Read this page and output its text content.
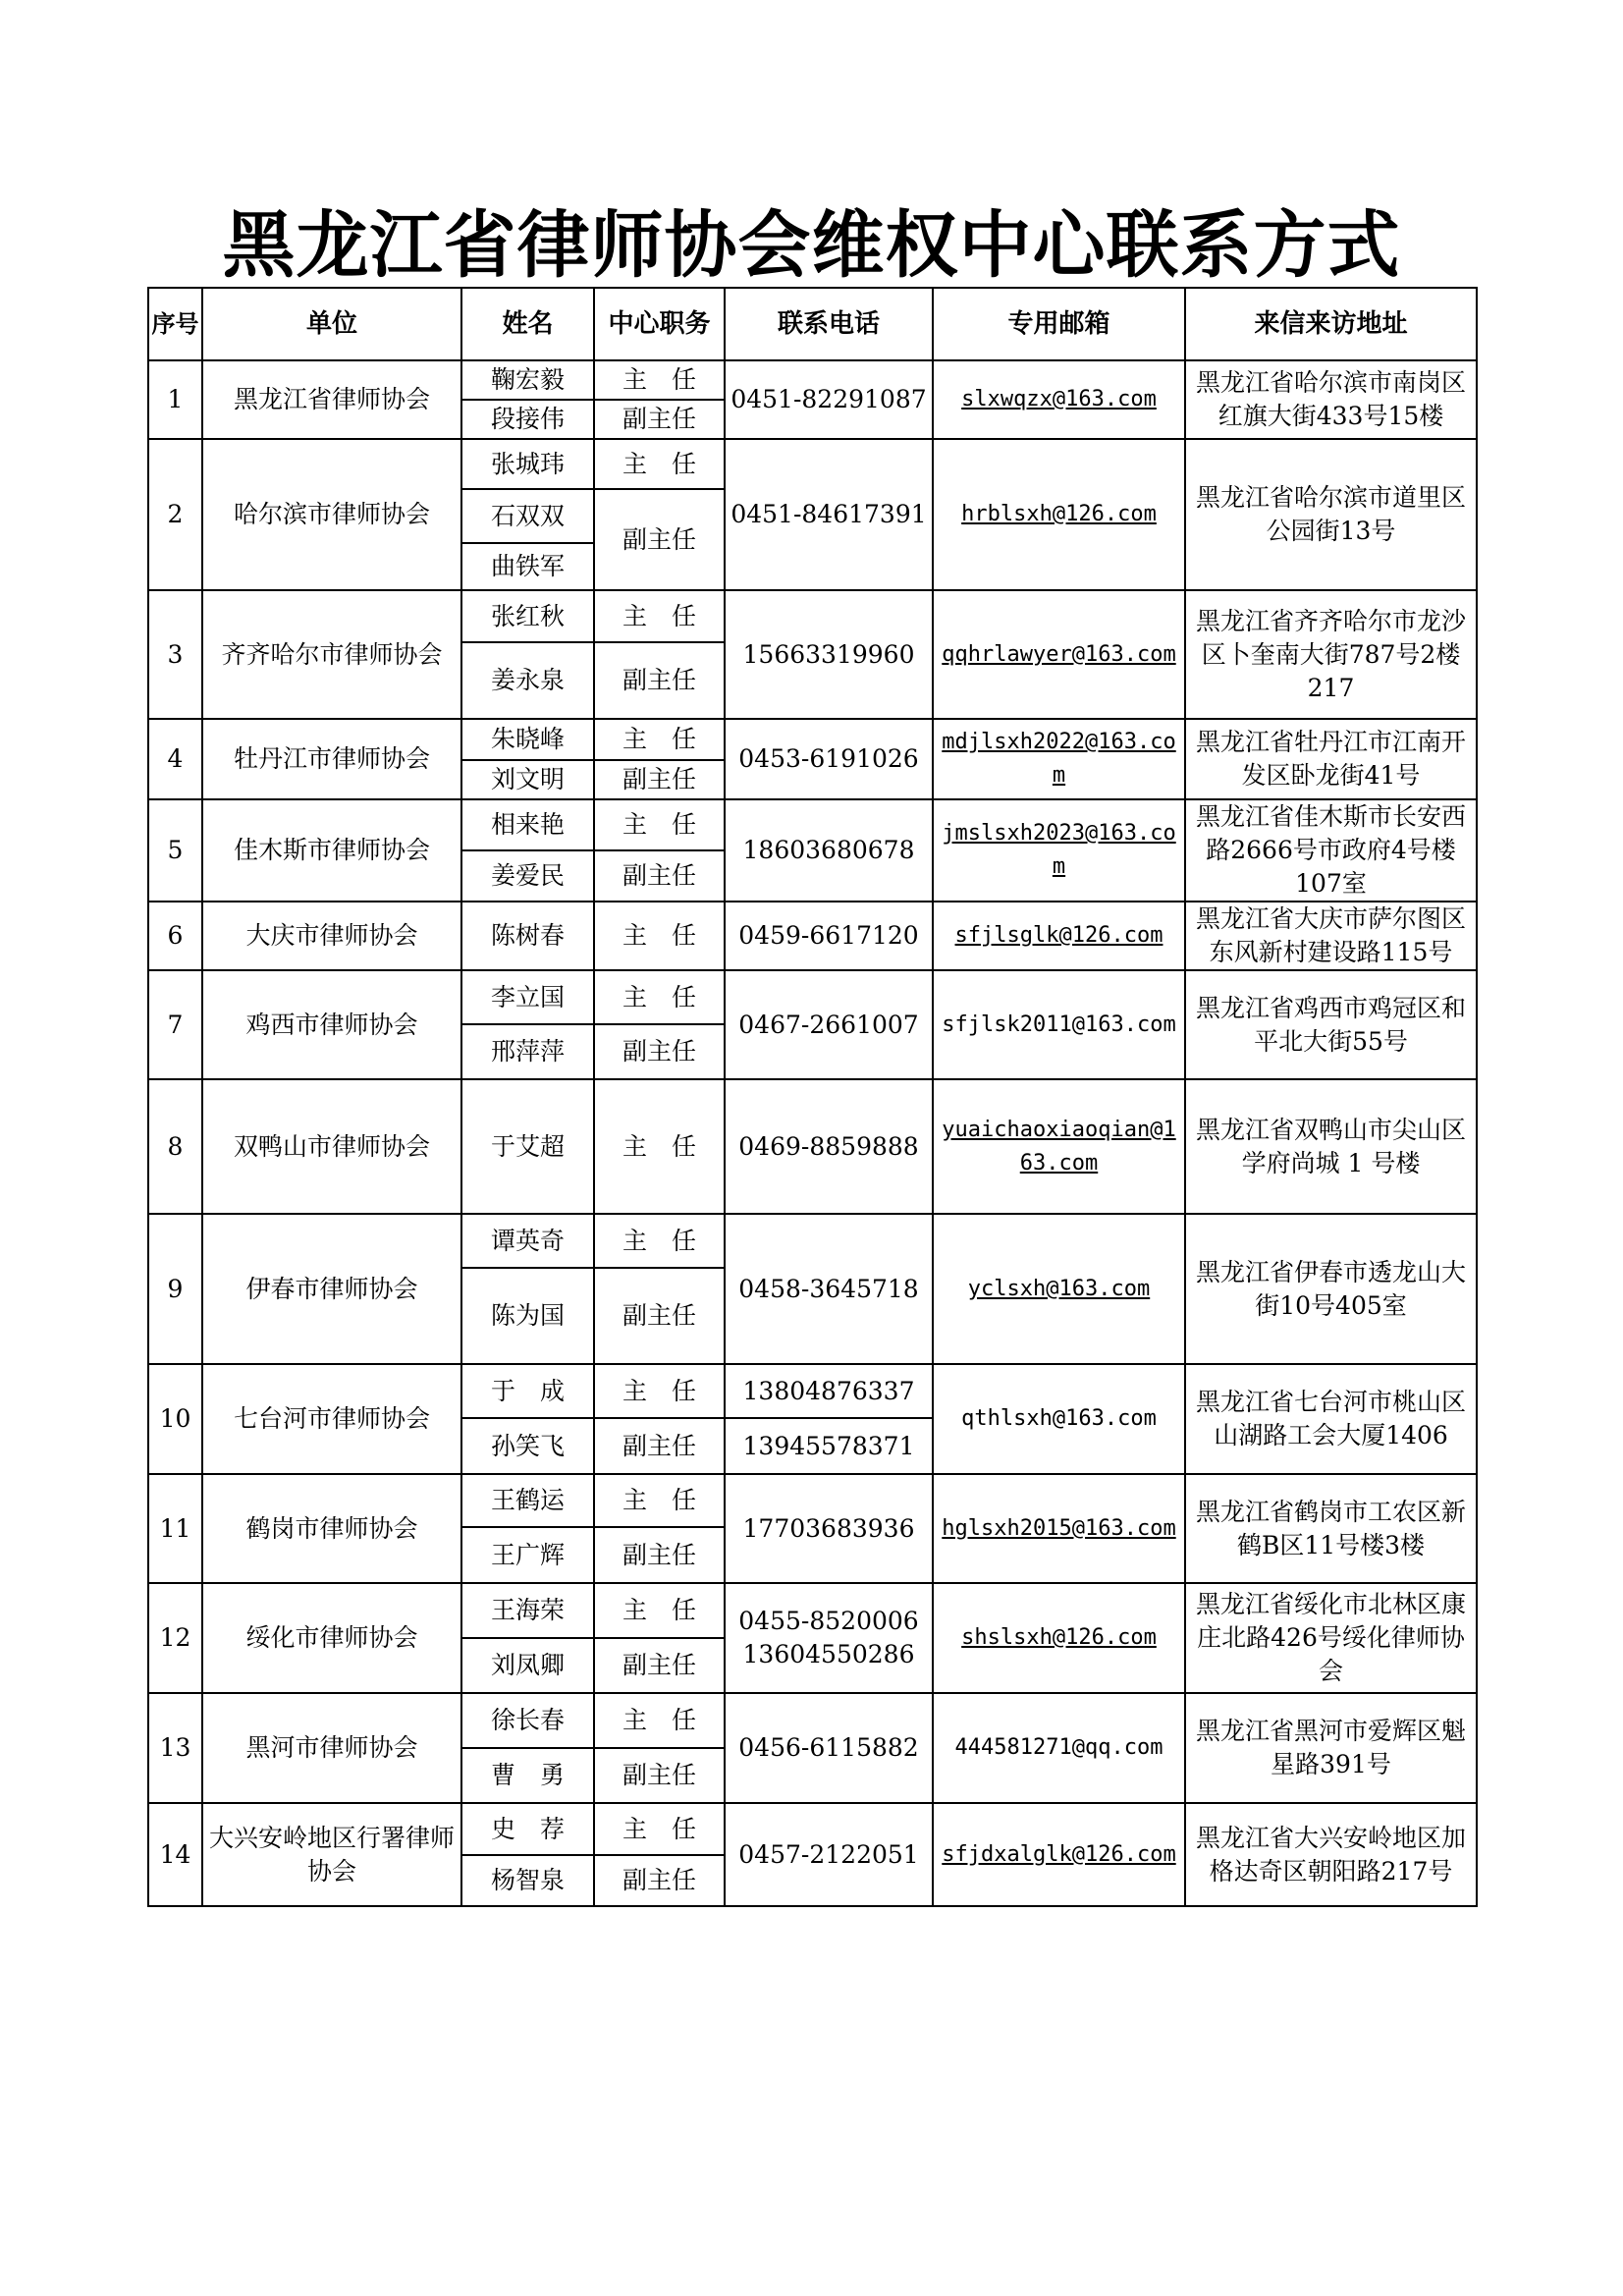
黑龙江省律师协会维权中心联系方式
序号	单位	姓名	中心职务	联系电话	专用邮箱	来信来访地址
1	黑龙江省律师协会	鞠宏毅	主　任	0451-82291087	slxwqzx@163.com	黑龙江省哈尔滨市南岗区红旗大街433号15楼
		段接伟	副主任			
2	哈尔滨市律师协会	张城玮	主　任	0451-84617391	hrblsxh@126.com	黑龙江省哈尔滨市道里区公园街13号
		石双双	副主任			
		曲铁军				
3	齐齐哈尔市律师协会	张红秋	主　任	15663319960	qqhrlawyer@163.com	黑龙江省齐齐哈尔市龙沙区卜奎南大街787号2楼217
		姜永泉	副主任			
4	牡丹江市律师协会	朱晓峰	主　任	0453-6191026	mdjlsxh2022@163.com	黑龙江省牡丹江市江南开发区卧龙街41号
		刘文明	副主任			
5	佳木斯市律师协会	相来艳	主　任	18603680678	jmslsxh2023@163.com	黑龙江省佳木斯市长安西路2666号市政府4号楼107室
		姜爱民	副主任			
6	大庆市律师协会	陈树春	主　任	0459-6617120	sfjlsglk@126.com	黑龙江省大庆市萨尔图区东风新村建设路115号
7	鸡西市律师协会	李立国	主　任	0467-2661007	sfjlsk2011@163.com	黑龙江省鸡西市鸡冠区和平北大街55号
		邢萍萍	副主任			
8	双鸭山市律师协会	于艾超	主　任	0469-8859888	yuaichaoxiaoqian@163.com	黑龙江省双鸭山市尖山区学府尚城 1 号楼
9	伊春市律师协会	谭英奇	主　任	0458-3645718	yclsxh@163.com	黑龙江省伊春市透龙山大街10号405室
		陈为国	副主任			
10	七台河市律师协会	于　成	主　任	13804876337	qthlsxh@163.com	黑龙江省七台河市桃山区山湖路工会大厦1406
		孙笑飞	副主任	13945578371		
11	鹤岗市律师协会	王鹤运	主　任	17703683936	hglsxh2015@163.com	黑龙江省鹤岗市工农区新鹤B区11号楼3楼
		王广辉	副主任			
12	绥化市律师协会	王海荣	主　任	0455-8520006 13604550286	shslsxh@126.com	黑龙江省绥化市北林区康庄北路426号绥化律师协会
		刘凤卿	副主任			
13	黑河市律师协会	徐长春	主　任	0456-6115882	444581271@qq.com	黑龙江省黑河市爱辉区魁星路391号
		曹　勇	副主任			
14	大兴安岭地区行署律师协会	史　荐	主　任	0457-2122051	sfjdxalglk@126.com	黑龙江省大兴安岭地区加格达奇区朝阳路217号
		杨智泉	副主任			
